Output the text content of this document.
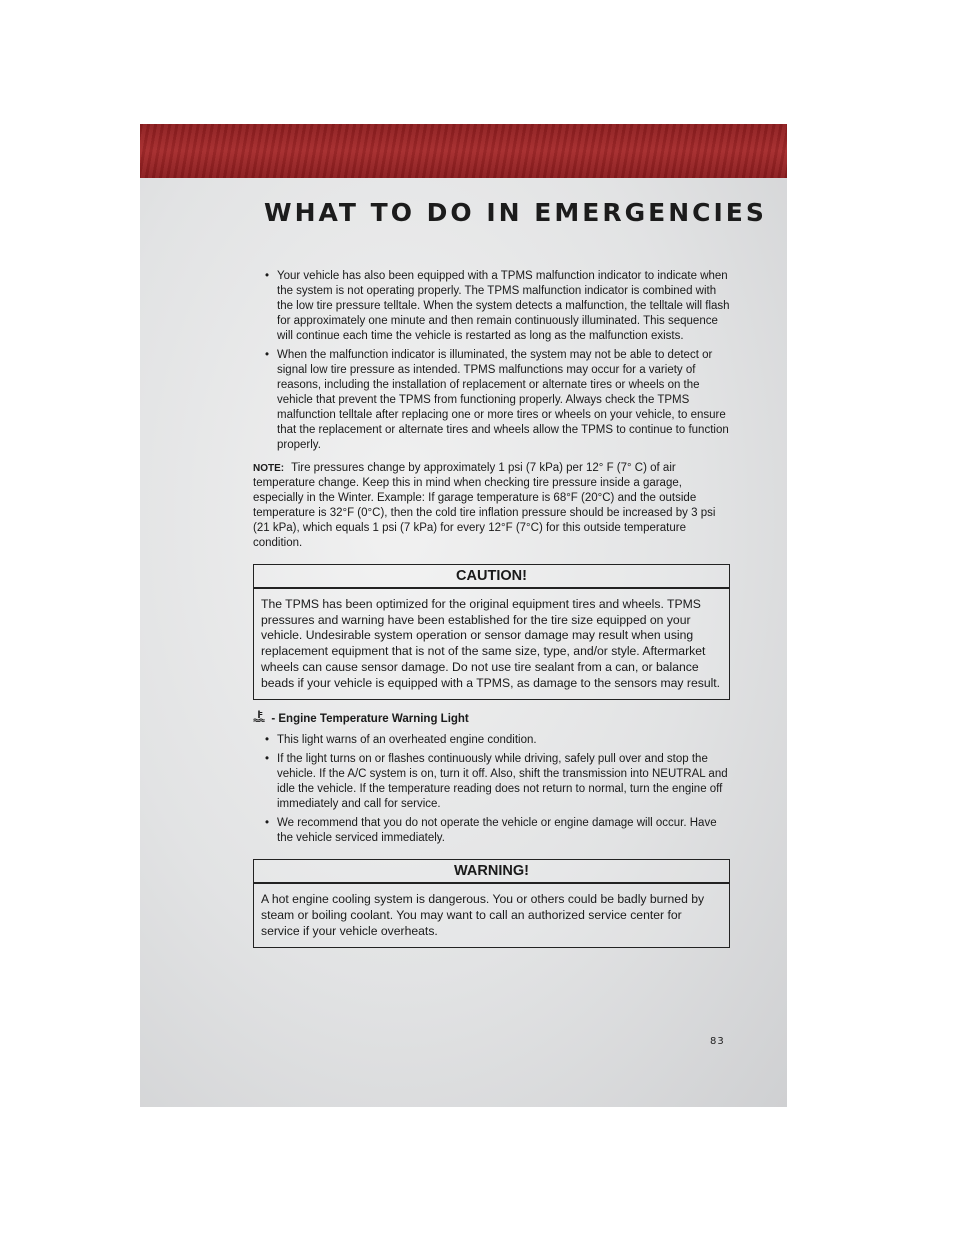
WHAT TO DO IN EMERGENCIES
• Your vehicle has also been equipped with a TPMS malfunction indicator to indicate when the system is not operating properly. The TPMS malfunction indicator is combined with the low tire pressure telltale. When the system detects a malfunction, the telltale will flash for approximately one minute and then remain continuously illuminated. This sequence will continue each time the vehicle is restarted as long as the malfunction exists.
• When the malfunction indicator is illuminated, the system may not be able to detect or signal low tire pressure as intended. TPMS malfunctions may occur for a variety of reasons, including the installation of replacement or alternate tires or wheels on the vehicle that prevent the TPMS from functioning properly. Always check the TPMS malfunction telltale after replacing one or more tires or wheels on your vehicle, to ensure that the replacement or alternate tires and wheels allow the TPMS to continue to function properly.

NOTE: Tire pressures change by approximately 1 psi (7 kPa) per 12° F (7° C) of air temperature change. Keep this in mind when checking tire pressure inside a garage, especially in the Winter. Example: If garage temperature is 68°F (20°C) and the outside temperature is 32°F (0°C), then the cold tire inflation pressure should be increased by 3 psi (21 kPa), which equals 1 psi (7 kPa) for every 12°F (7°C) for this outside temperature condition.

CAUTION!
The TPMS has been optimized for the original equipment tires and wheels. TPMS pressures and warning have been established for the tire size equipped on your vehicle. Undesirable system operation or sensor damage may result when using replacement equipment that is not of the same size, type, and/or style. Aftermarket wheels can cause sensor damage. Do not use tire sealant from a can, or balance beads if your vehicle is equipped with a TPMS, as damage to the sensors may result.
- Engine Temperature Warning Light
• This light warns of an overheated engine condition.
• If the light turns on or flashes continuously while driving, safely pull over and stop the vehicle. If the A/C system is on, turn it off. Also, shift the transmission into NEUTRAL and idle the vehicle. If the temperature reading does not return to normal, turn the engine off immediately and call for service.
• We recommend that you do not operate the vehicle or engine damage will occur. Have the vehicle serviced immediately.
WARNING!
A hot engine cooling system is dangerous. You or others could be badly burned by steam or boiling coolant. You may want to call an authorized service center for service if your vehicle overheats.
83
